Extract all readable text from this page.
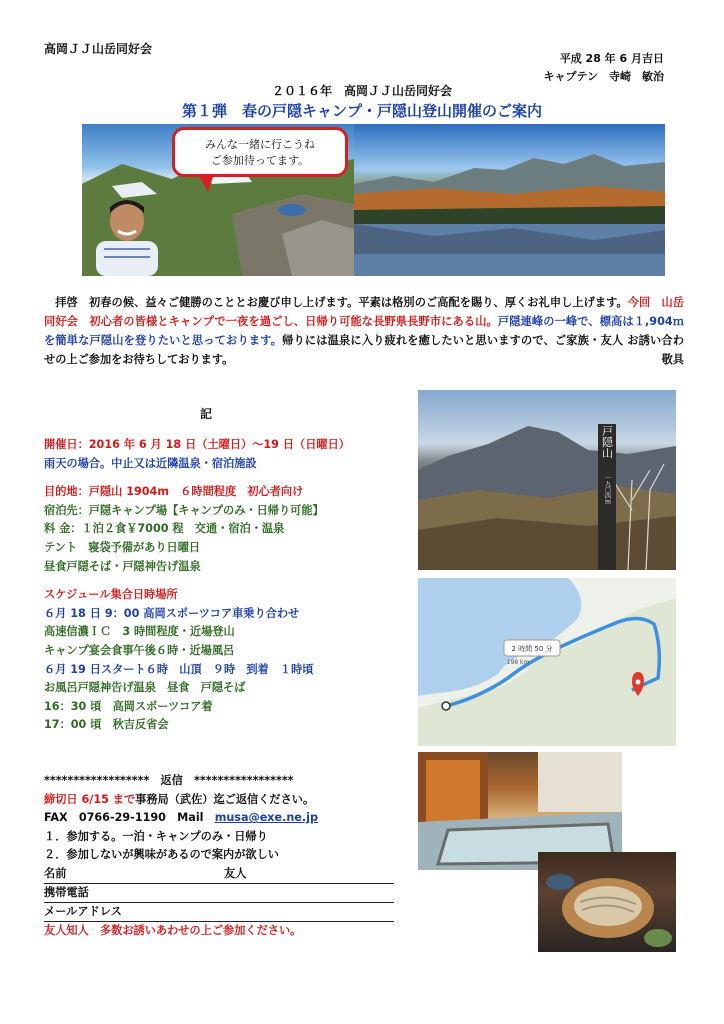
高岡ＪＪ山岳同好会
平成 28 年 6 月吉日
キャプテン　寺崎　敏治
２０１６年　高岡ＪＪ山岳同好会
第１弾　春の戸隠キャンプ・戸隠山登山開催のご案内
みんな一緒に行こうね
ご参加待ってます。
　拝啓　初春の候、益々ご健勝のこととお慶び申し上げます。平素は格別のご高配を賜り、厚くお礼申し上げます。今回　山岳同好会　初心者の皆様とキャンプで一夜を過ごし、日帰り可能な長野県長野市にある山。戸隠連峰の一峰で、標高は１,904ｍ を簡単な戸隠山を登りたいと思っております。帰りには温泉に入り疲れを癒したいと思いますので、ご家族・友人 お誘い合わせの上ご参加をお待ちしております。	敬具
記
開催日：2016 年 6 月 18 日（土曜日）～19 日（日曜日）
雨天の場合。中止又は近隣温泉・宿泊施設
目的地：戸隠山 1904m　６時間程度　初心者向け
宿泊先：戸隠キャンプ場【キャンプのみ・日帰り可能】
料 金：１泊２食￥7000 程　交通・宿泊・温泉
テント　寝袋予備があり日曜日
昼食戸隠そば・戸隠神告げ温泉
スケジュール集合日時場所
６月 18 日 9：00 高岡スポーツコア車乗り合わせ
高速信濃ＩＣ　3 時間程度・近場登山
キャンプ宴会食事午後６時・近場風呂
６月 19 日スタート６時　山頂　９時　到着　１時頃
お風呂戸隠神告げ温泉　昼食　戸隠そば
16：30 頃　高岡スポーツコア着
17：00 頃　秋吉反省会
戸隠山
一九〇四ｍ
2 時間 50 分
198 km
******************　返信　*****************
締切日 6/15 まで事務局（武佐）迄ご返信ください。
FAX　0766-29-1190　Mail　musa@exe.ne.jp
１．参加する。一泊・キャンプのみ・日帰り
２．参加しないが興味があるので案内が欲しい
名前	友人
携帯電話
メールアドレス
友人知人　多数お誘いあわせの上ご参加ください。
